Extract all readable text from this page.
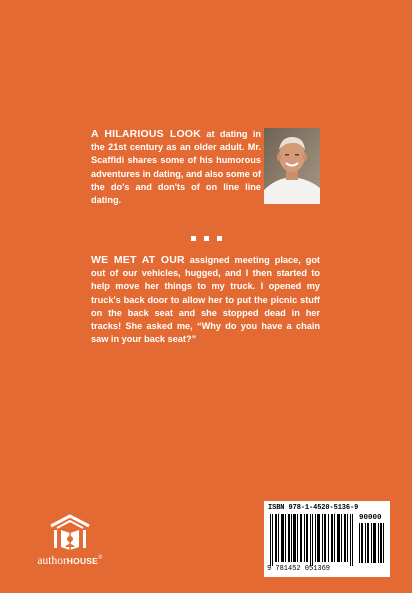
A HILARIOUS LOOK at dating in the 21st century as an older adult. Mr. Scaffidi shares some of his humorous adventures in dating, and also some of the do's and don'ts of on line line dating.
WE MET AT OUR assigned meeting place, got out of our vehicles, hugged, and I then started to help move her things to my truck. I opened my truck's back door to allow her to put the picnic stuff on the back seat and she stopped dead in her tracks! She asked me, “Why do you have a chain saw in your back seat?”
authorHOUSE®
ISBN 978-1-4520-5136-9
90000
9 781452 051369
